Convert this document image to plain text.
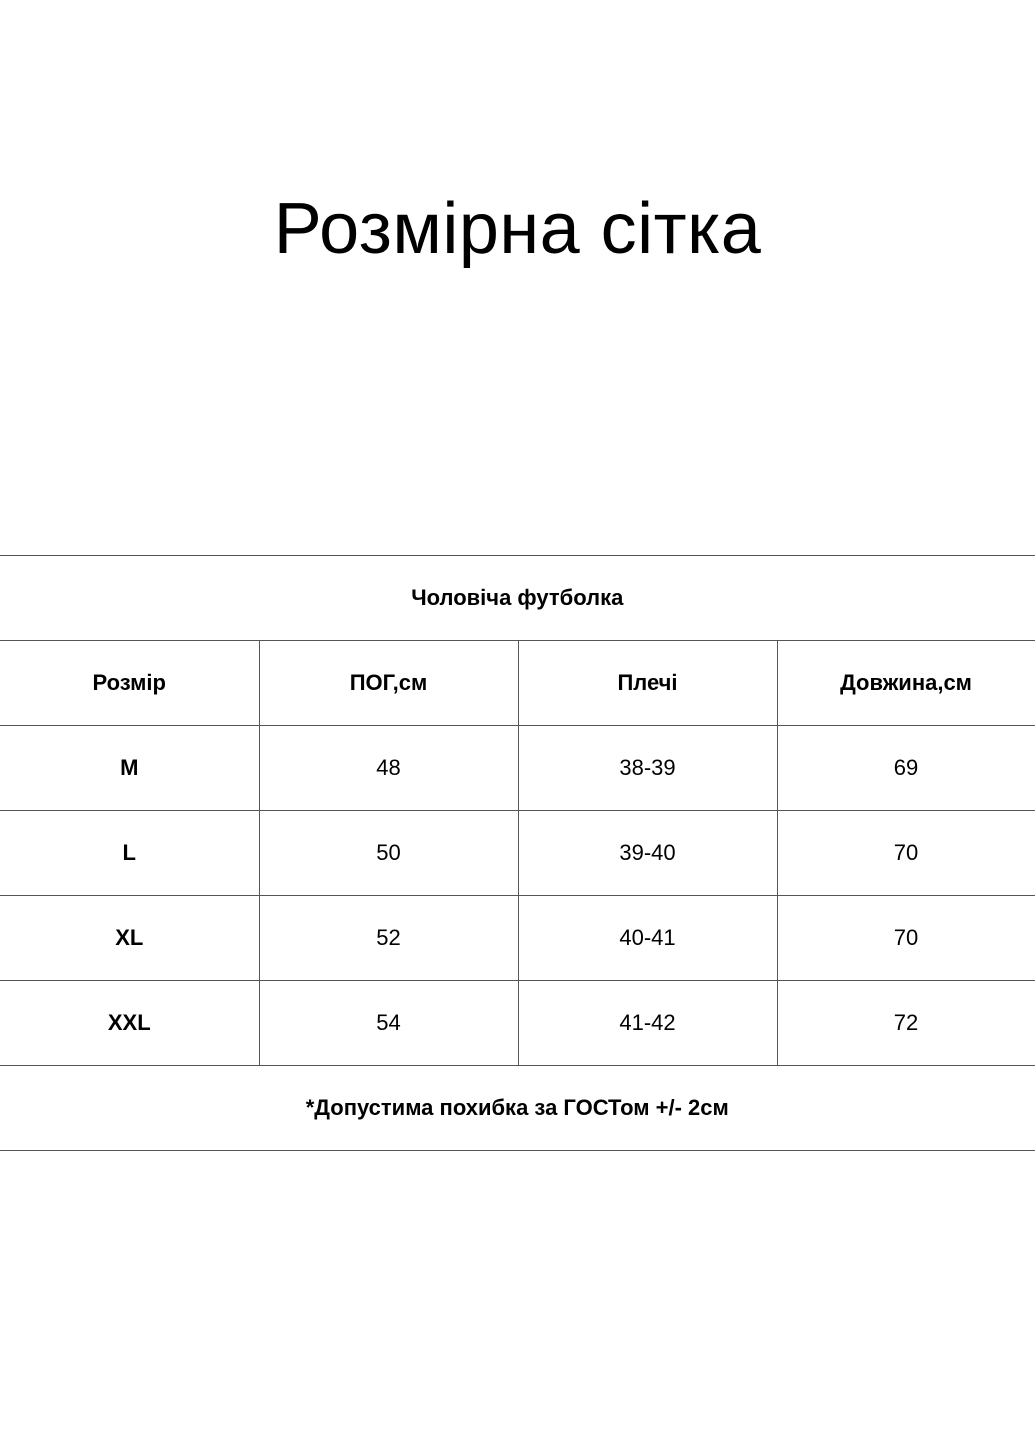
Розмірна сітка
Чоловіча футболка			
Розмір	ПОГ,см	Плечі	Довжина,см
M	48	38-39	69
L	50	39-40	70
XL	52	40-41	70
XXL	54	41-42	72
*Допустима похибка за ГОСТом +/- 2см			
